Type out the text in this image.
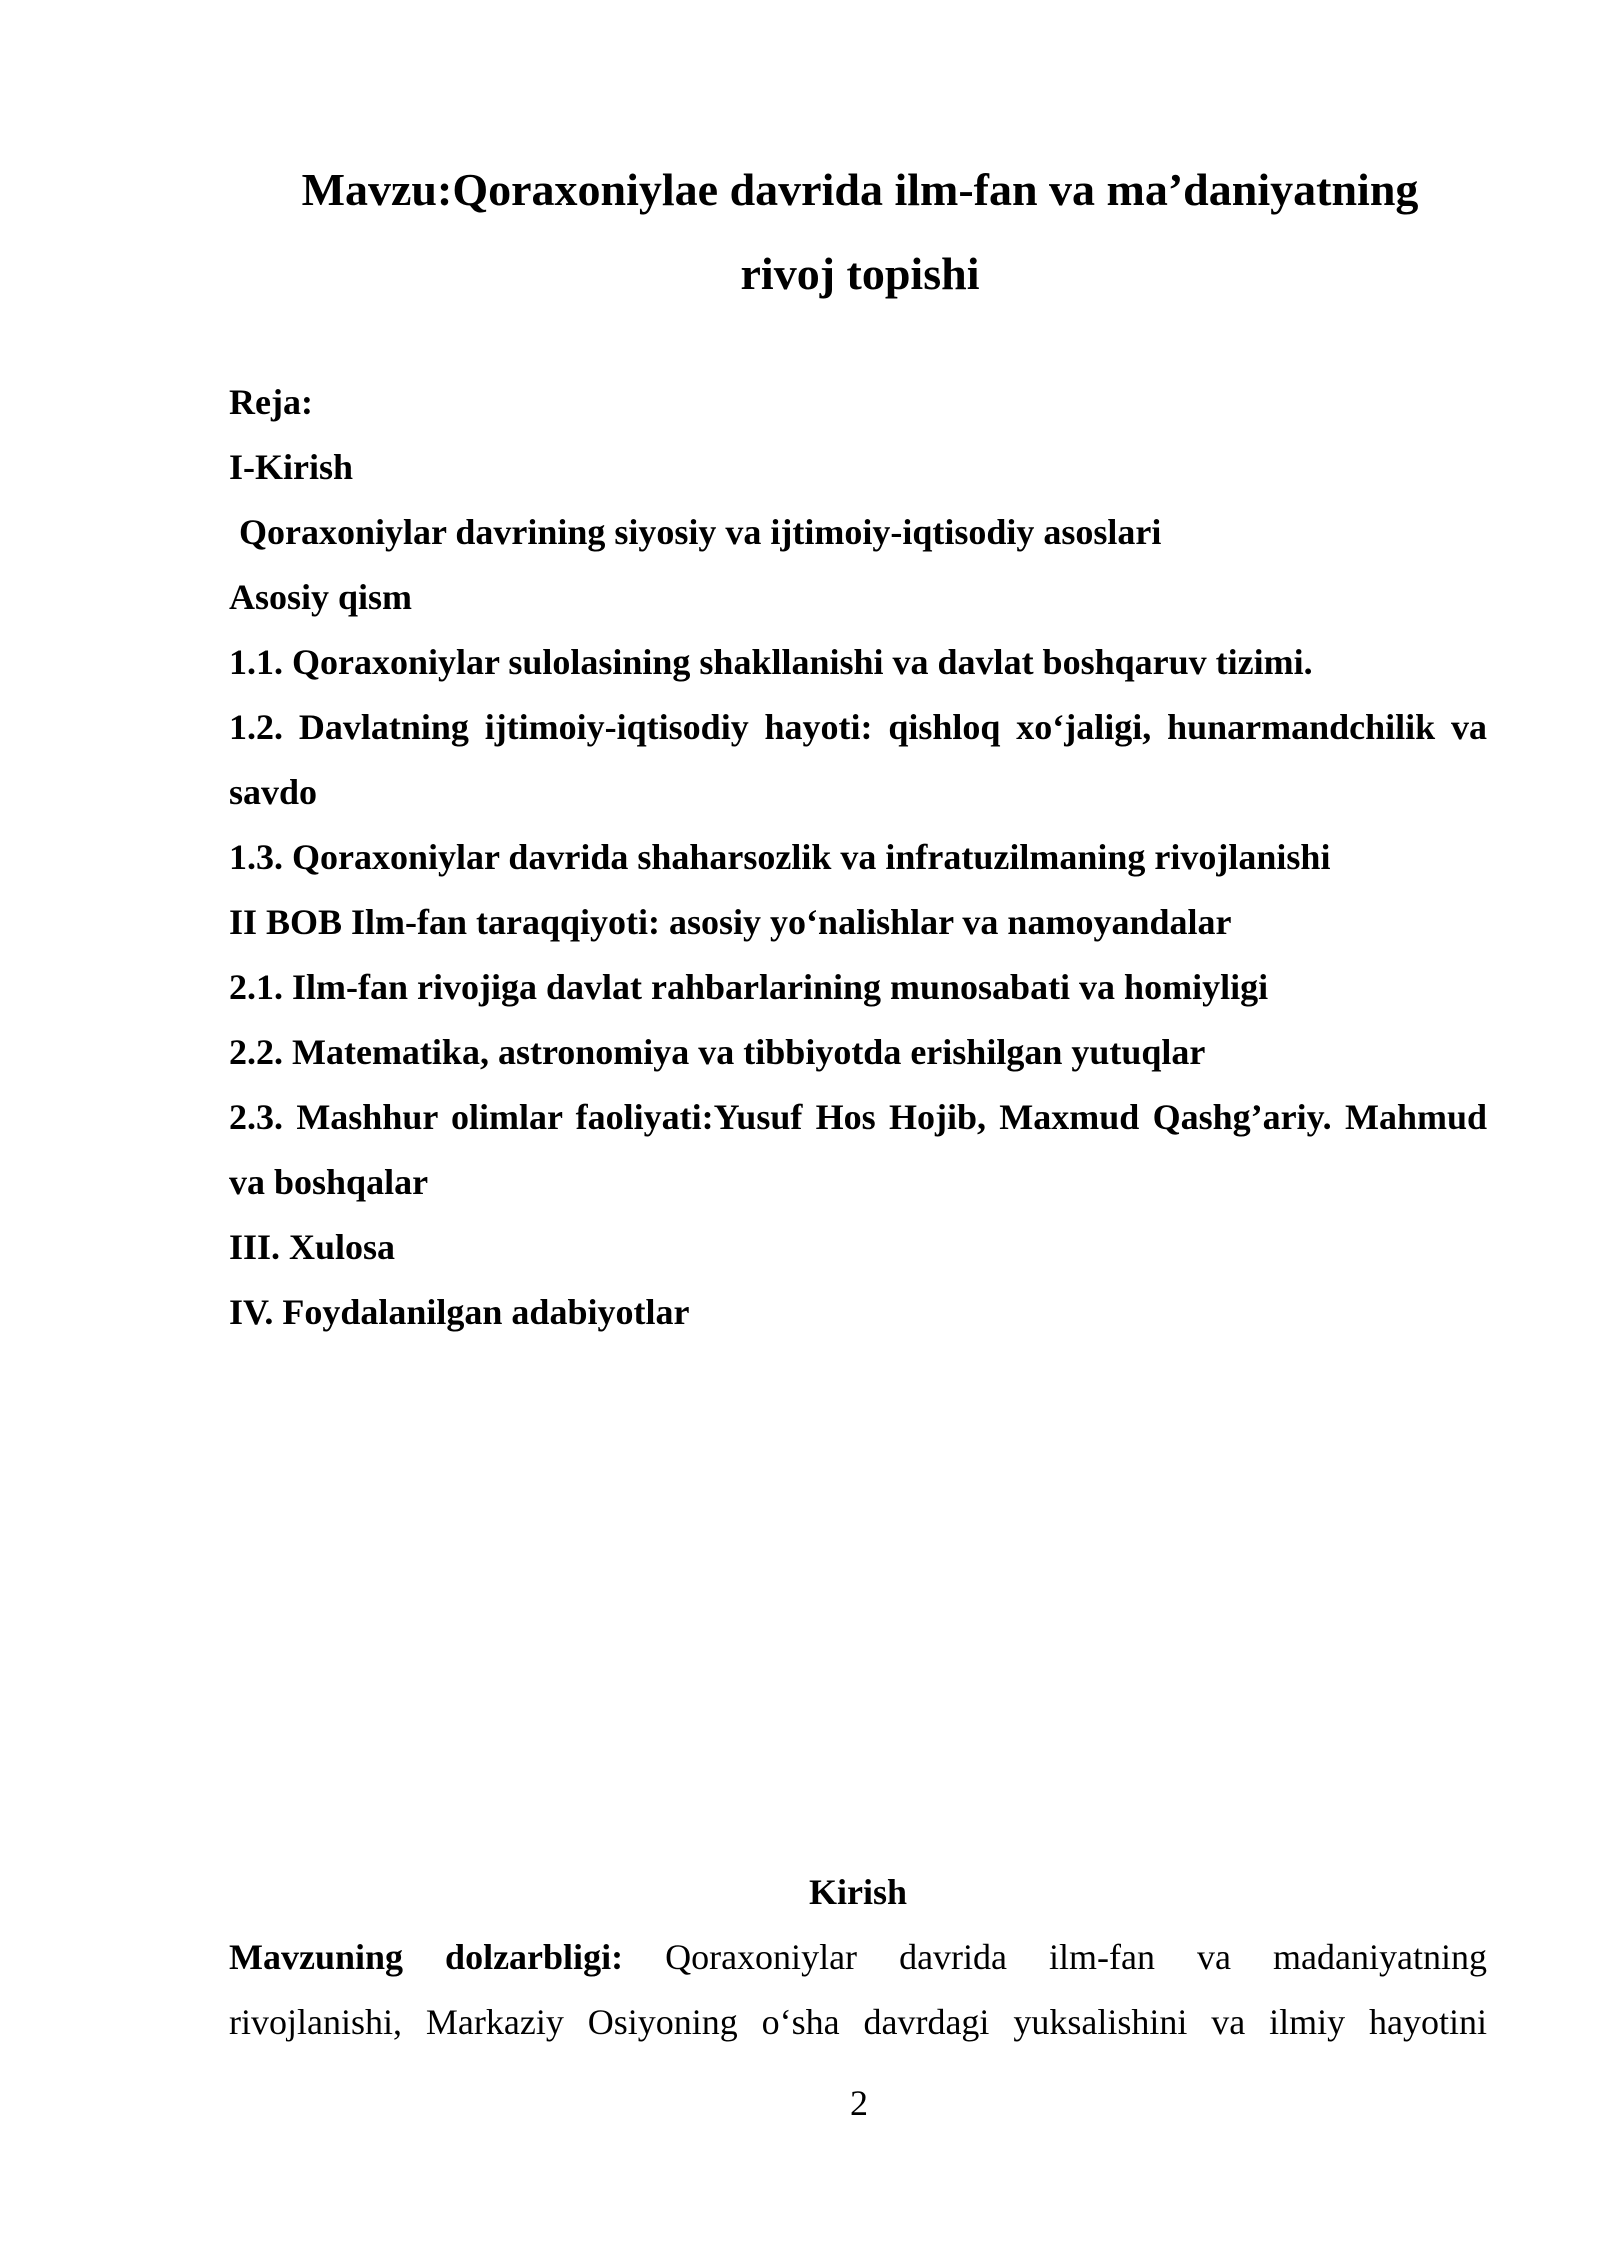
Mavzu:Qoraxoniylae davrida ilm-fan va ma’daniyatning
rivoj topishi
Reja:
I-Kirish
Qoraxoniylar davrining siyosiy va ijtimoiy-iqtisodiy asoslari
Asosiy qism
1.1. Qoraxoniylar sulolasining shakllanishi va davlat boshqaruv tizimi.
1.2. Davlatning ijtimoiy-iqtisodiy hayoti: qishloq xo‘jaligi, hunarmandchilik va savdo
1.3. Qoraxoniylar davrida shaharsozlik va infratuzilmaning rivojlanishi
II BOB Ilm-fan taraqqiyoti: asosiy yo‘nalishlar va namoyandalar
2.1. Ilm-fan rivojiga davlat rahbarlarining munosabati va homiyligi
2.2. Matematika, astronomiya va tibbiyotda erishilgan yutuqlar
2.3. Mashhur olimlar faoliyati:Yusuf Hos Hojib, Maxmud Qashg’ariy. Mahmud va boshqalar
III. Xulosa
IV. Foydalanilgan adabiyotlar
Kirish
Mavzuning dolzarbligi: Qoraxoniylar davrida ilm-fan va madaniyatning
rivojlanishi, Markaziy Osiyoning o‘sha davrdagi yuksalishini va ilmiy hayotini
2
